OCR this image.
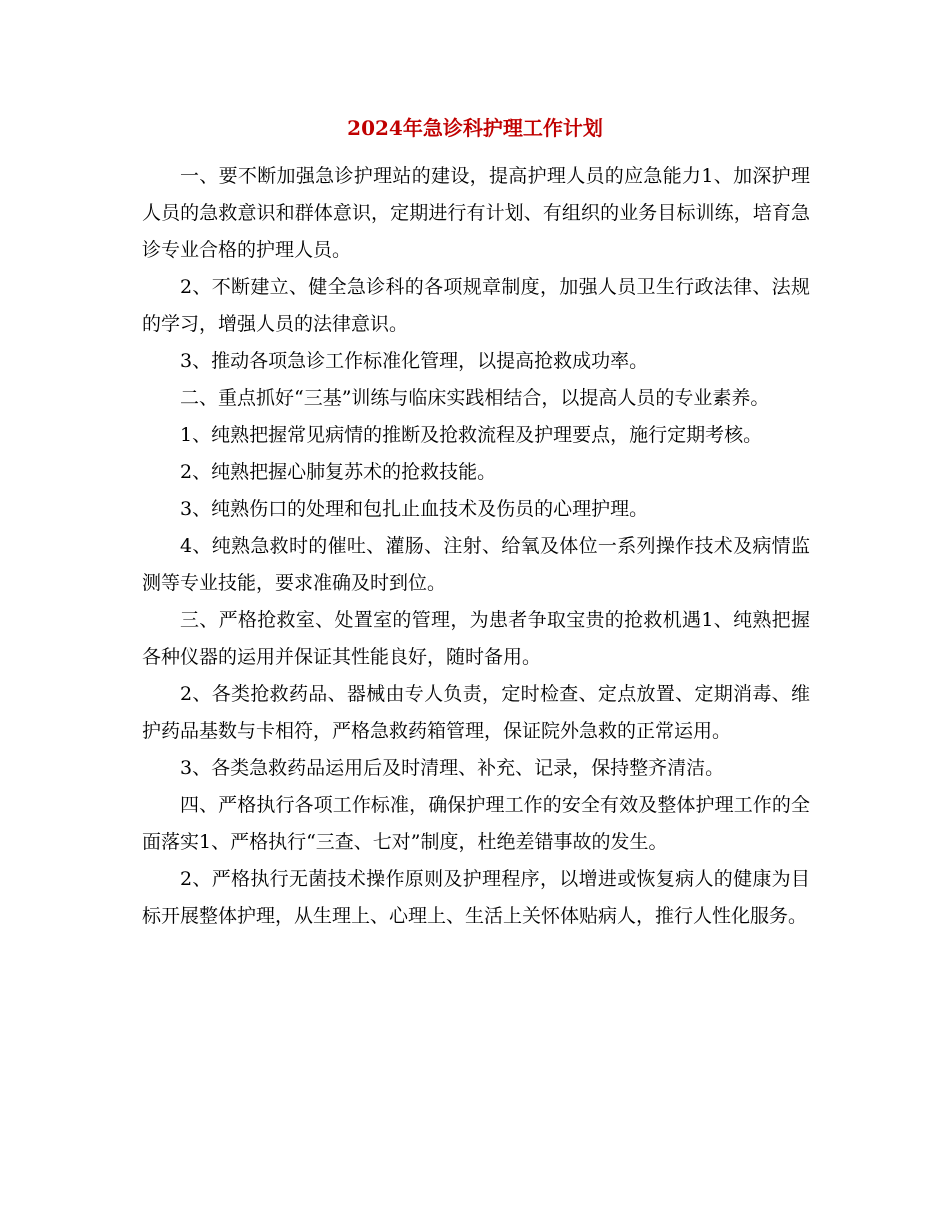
2024年急诊科护理工作计划

一、要不断加强急诊护理站的建设，提高护理人员的应急能力1、加深护理人员的急救意识和群体意识，定期进行有计划、有组织的业务目标训练，培育急诊专业合格的护理人员。

2、不断建立、健全急诊科的各项规章制度，加强人员卫生行政法律、法规的学习，增强人员的法律意识。

3、推动各项急诊工作标准化管理，以提高抢救成功率。

二、重点抓好“三基”训练与临床实践相结合，以提高人员的专业素养。

1、纯熟把握常见病情的推断及抢救流程及护理要点，施行定期考核。

2、纯熟把握心肺复苏术的抢救技能。

3、纯熟伤口的处理和包扎止血技术及伤员的心理护理。

4、纯熟急救时的催吐、灌肠、注射、给氧及体位一系列操作技术及病情监测等专业技能，要求准确及时到位。

三、严格抢救室、处置室的管理，为患者争取宝贵的抢救机遇1、纯熟把握各种仪器的运用并保证其性能良好，随时备用。

2、各类抢救药品、器械由专人负责，定时检查、定点放置、定期消毒、维护药品基数与卡相符，严格急救药箱管理，保证院外急救的正常运用。

3、各类急救药品运用后及时清理、补充、记录，保持整齐清洁。

四、严格执行各项工作标准，确保护理工作的安全有效及整体护理工作的全面落实1、严格执行“三查、七对”制度，杜绝差错事故的发生。

2、严格执行无菌技术操作原则及护理程序，以增进或恢复病人的健康为目标开展整体护理，从生理上、心理上、生活上关怀体贴病人，推行人性化服务。
